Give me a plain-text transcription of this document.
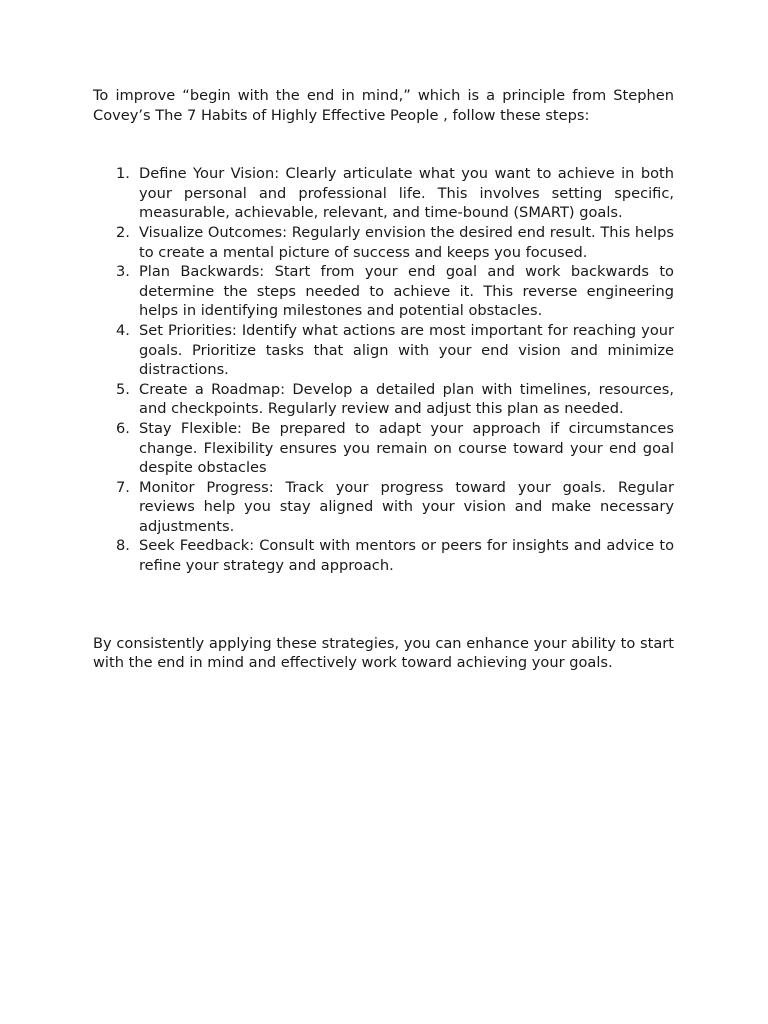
To improve “begin with the end in mind,” which is a principle from Stephen Covey’s The 7 Habits of Highly Effective People , follow these steps:

1. Define Your Vision: Clearly articulate what you want to achieve in both your personal and professional life. This involves setting specific, measurable, achievable, relevant, and time-bound (SMART) goals.
2. Visualize Outcomes: Regularly envision the desired end result. This helps to create a mental picture of success and keeps you focused.
3. Plan Backwards: Start from your end goal and work backwards to determine the steps needed to achieve it. This reverse engineering helps in identifying milestones and potential obstacles.
4. Set Priorities: Identify what actions are most important for reaching your goals. Prioritize tasks that align with your end vision and minimize distractions.
5. Create a Roadmap: Develop a detailed plan with timelines, resources, and checkpoints. Regularly review and adjust this plan as needed.
6. Stay Flexible: Be prepared to adapt your approach if circumstances change. Flexibility ensures you remain on course toward your end goal despite obstacles
7. Monitor Progress: Track your progress toward your goals. Regular reviews help you stay aligned with your vision and make necessary adjustments.
8. Seek Feedback: Consult with mentors or peers for insights and advice to refine your strategy and approach.

By consistently applying these strategies, you can enhance your ability to start with the end in mind and effectively work toward achieving your goals.
